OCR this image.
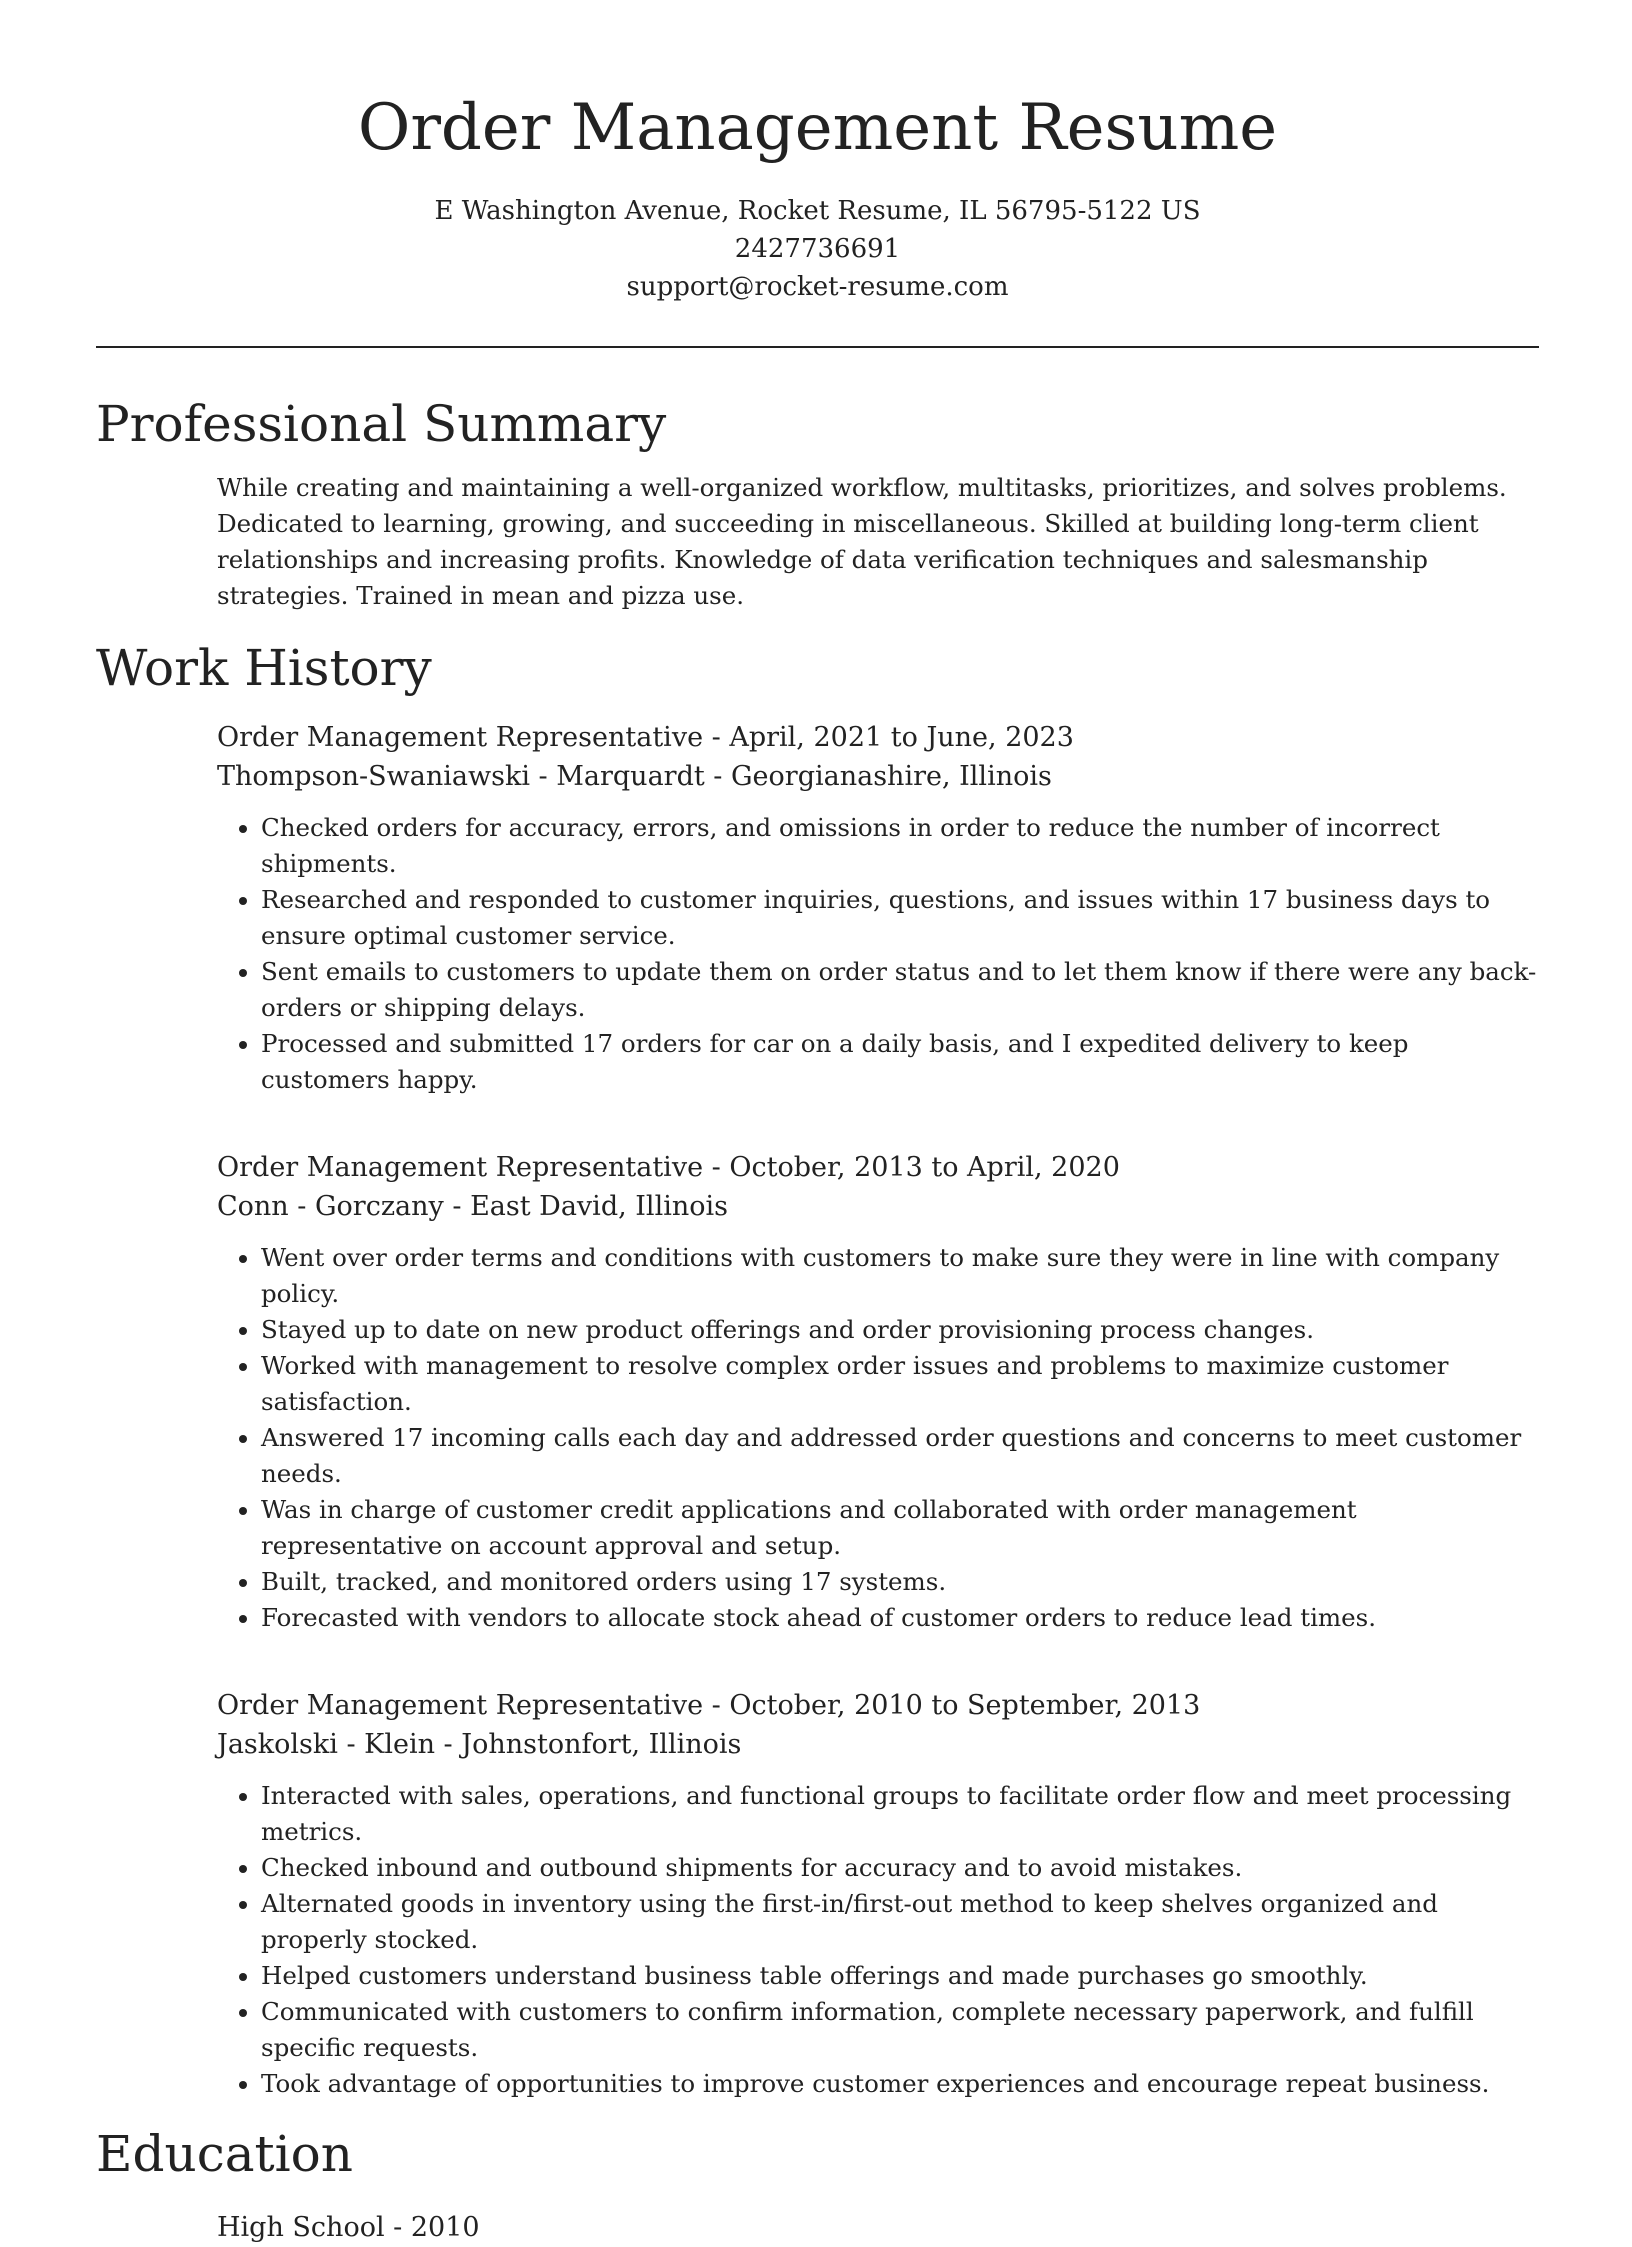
Order Management Resume

E Washington Avenue, Rocket Resume, IL 56795-5122 US

2427736691

support@rocket-resume.com

Professional Summary

While creating and maintaining a well-organized workflow, multitasks, prioritizes, and solves problems. Dedicated to learning, growing, and succeeding in miscellaneous. Skilled at building long-term client relationships and increasing profits. Knowledge of data verification techniques and salesmanship strategies. Trained in mean and pizza use.

Work History

Order Management Representative - April, 2021 to June, 2023

Thompson-Swaniawski - Marquardt - Georgianashire, Illinois

• Checked orders for accuracy, errors, and omissions in order to reduce the number of incorrect shipments.
• Researched and responded to customer inquiries, questions, and issues within 17 business days to ensure optimal customer service.
• Sent emails to customers to update them on order status and to let them know if there were any back-orders or shipping delays.
• Processed and submitted 17 orders for car on a daily basis, and I expedited delivery to keep customers happy.

Order Management Representative - October, 2013 to April, 2020

Conn - Gorczany - East David, Illinois

• Went over order terms and conditions with customers to make sure they were in line with company policy.
• Stayed up to date on new product offerings and order provisioning process changes.
• Worked with management to resolve complex order issues and problems to maximize customer satisfaction.
• Answered 17 incoming calls each day and addressed order questions and concerns to meet customer needs.
• Was in charge of customer credit applications and collaborated with order management representative on account approval and setup.
• Built, tracked, and monitored orders using 17 systems.
• Forecasted with vendors to allocate stock ahead of customer orders to reduce lead times.

Order Management Representative - October, 2010 to September, 2013

Jaskolski - Klein - Johnstonfort, Illinois

• Interacted with sales, operations, and functional groups to facilitate order flow and meet processing metrics.
• Checked inbound and outbound shipments for accuracy and to avoid mistakes.
• Alternated goods in inventory using the first-in/first-out method to keep shelves organized and properly stocked.
• Helped customers understand business table offerings and made purchases go smoothly.
• Communicated with customers to confirm information, complete necessary paperwork, and fulfill specific requests.
• Took advantage of opportunities to improve customer experiences and encourage repeat business.
Education

High School - 2010
